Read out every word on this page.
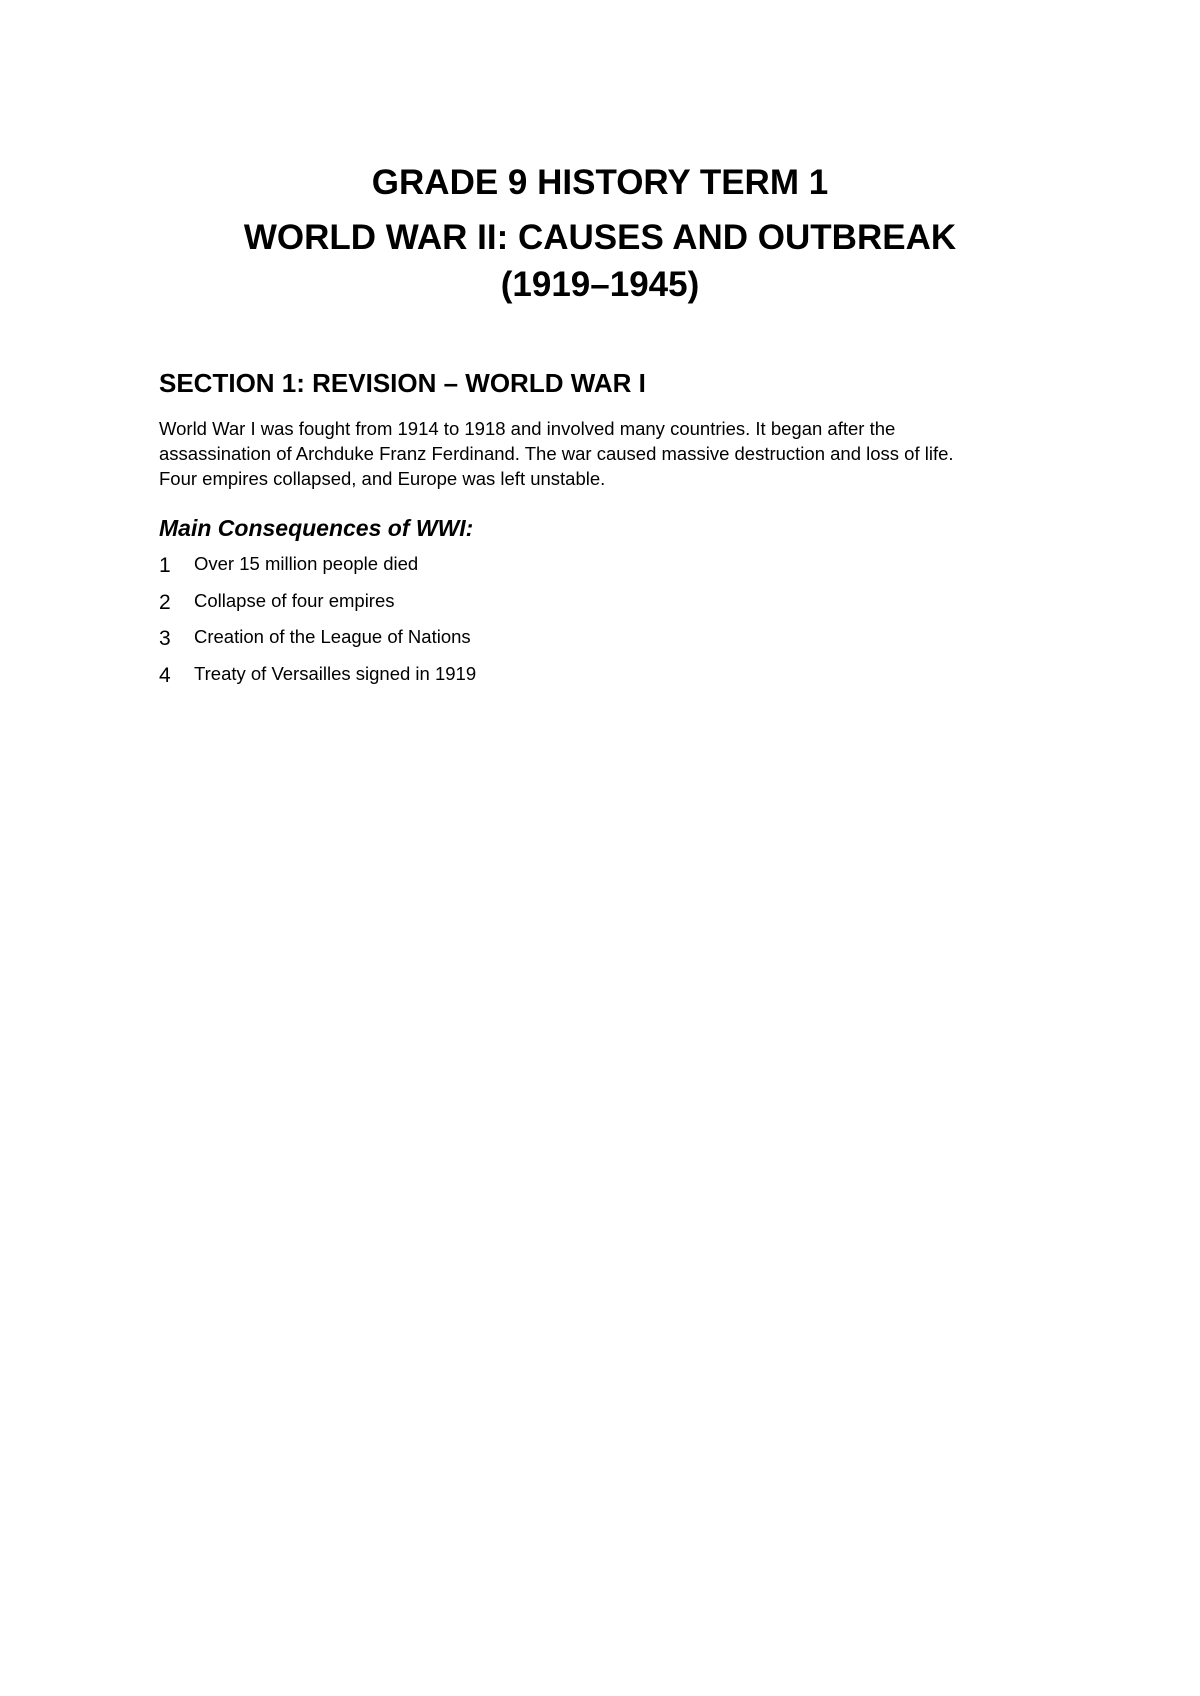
GRADE 9 HISTORY TERM 1
WORLD WAR II: CAUSES AND OUTBREAK
(1919–1945)
SECTION 1: REVISION – WORLD WAR I

World War I was fought from 1914 to 1918 and involved many countries. It began after the
assassination of Archduke Franz Ferdinand. The war caused massive destruction and loss of life.
Four empires collapsed, and Europe was left unstable.

Main Consequences of WWI:
1 Over 15 million people died
2 Collapse of four empires
3 Creation of the League of Nations
4 Treaty of Versailles signed in 1919
